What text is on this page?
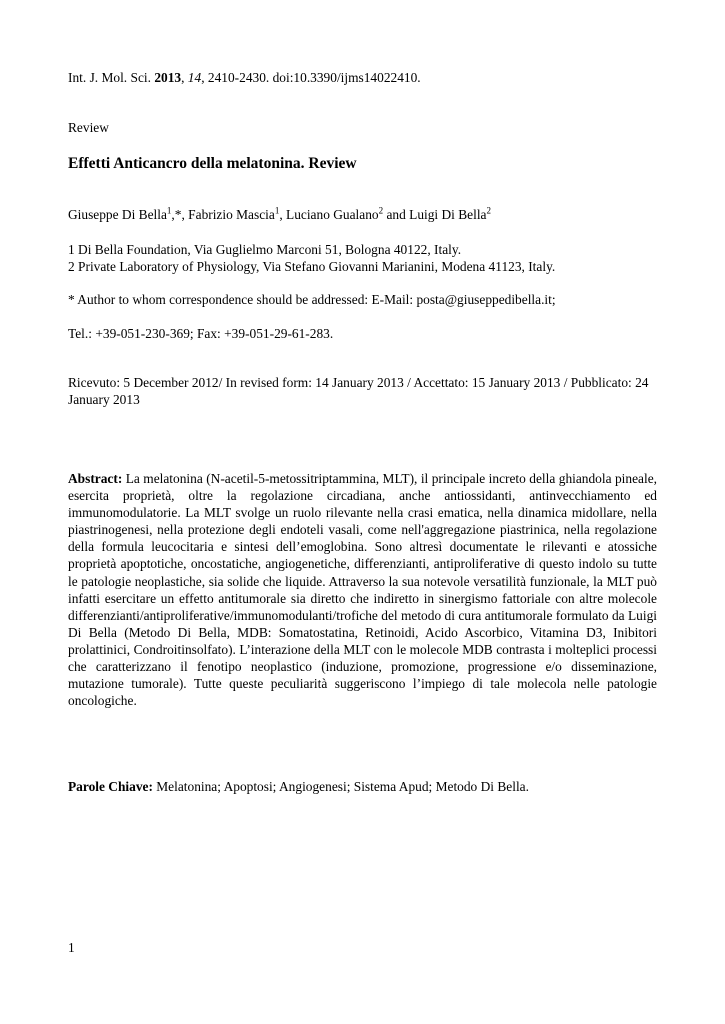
Int. J. Mol. Sci. 2013, 14, 2410-2430. doi:10.3390/ijms14022410.
Review
Effetti Anticancro della melatonina. Review
Giuseppe Di Bella$^1$,*, Fabrizio Mascia$^1$, Luciano Gualano$^2$ and Luigi Di Bella$^2$
1 Di Bella Foundation, Via Guglielmo Marconi 51, Bologna 40122, Italy.
2 Private Laboratory of Physiology, Via Stefano Giovanni Marianini, Modena 41123, Italy.
* Author to whom correspondence should be addressed: E-Mail: posta@giuseppedibella.it;
Tel.: +39-051-230-369; Fax: +39-051-29-61-283.
Ricevuto: 5 December 2012/ In revised form: 14 January 2013 / Accettato: 15 January 2013 / Pubblicato: 24 January 2013
Abstract: La melatonina (N-acetil-5-metossitriptammina, MLT), il principale increto della ghiandola pineale, esercita proprietà, oltre la regolazione circadiana, anche antiossidanti, antinvecchiamento ed immunomodulatorie. La MLT svolge un ruolo rilevante nella crasi ematica, nella dinamica midollare, nella piastrinogenesi, nella protezione degli endoteli vasali, come nell'aggregazione piastrinica, nella regolazione della formula leucocitaria e sintesi dell’emoglobina. Sono altresì documentate le rilevanti e atossiche proprietà apoptotiche, oncostatiche, angiogenetiche, differenzianti, antiproliferative di questo indolo su tutte le patologie neoplastiche, sia solide che liquide. Attraverso la sua notevole versatilità funzionale, la MLT può infatti esercitare un effetto antitumorale sia diretto che indiretto in sinergismo fattoriale con altre molecole differenzianti/antiproliferative/immunomodulanti/trofiche del metodo di cura antitumorale formulato da Luigi Di Bella (Metodo Di Bella, MDB: Somatostatina, Retinoidi, Acido Ascorbico, Vitamina D3, Inibitori prolattinici, Condroitinsolfato). L’interazione della MLT con le molecole MDB contrasta i molteplici processi che caratterizzano il fenotipo neoplastico (induzione, promozione, progressione e/o disseminazione, mutazione tumorale). Tutte queste peculiarità suggeriscono l’impiego di tale molecola nelle patologie oncologiche.
Parole Chiave: Melatonina; Apoptosi; Angiogenesi; Sistema Apud; Metodo Di Bella.
1
